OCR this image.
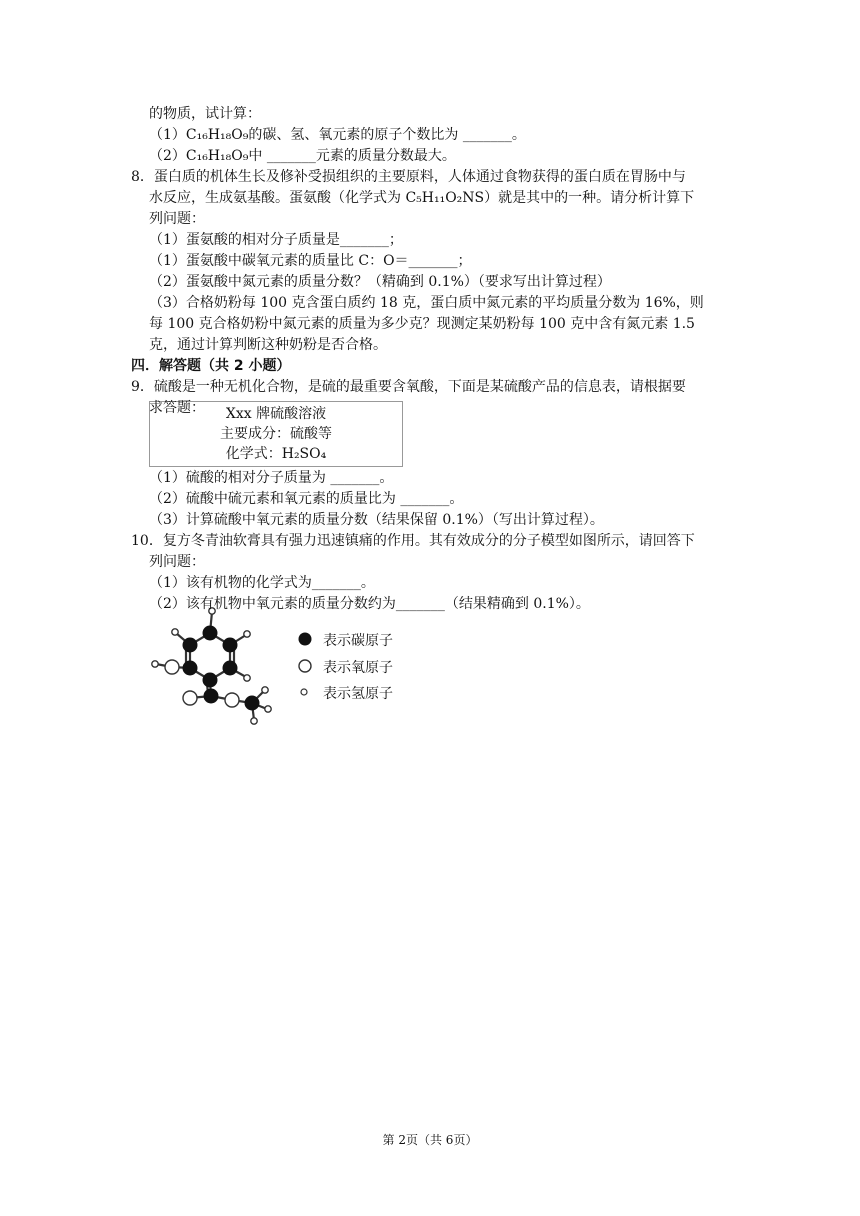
Xxx 牌硫酸溶液
主要成分：硫酸等
化学式：H₂SO₄
表示碳原子
表示氧原子
表示氢原子
第 2页（共 6页）
的物质，试计算：
（1）C₁₆H₁₈O₉的碳、氢、氧元素的原子个数比为 _______。
（2）C₁₆H₁₈O₉中 _______元素的质量分数最大。
8．蛋白质的机体生长及修补受损组织的主要原料，人体通过食物获得的蛋白质在胃肠中与
水反应，生成氨基酸。蛋氨酸（化学式为 C₅H₁₁O₂NS）就是其中的一种。请分析计算下
列问题：
（1）蛋氨酸的相对分子质量是_______；
（1）蛋氨酸中碳氧元素的质量比 C：O＝_______；
（2）蛋氨酸中氮元素的质量分数？（精确到 0.1%）（要求写出计算过程）
（3）合格奶粉每 100 克含蛋白质约 18 克，蛋白质中氮元素的平均质量分数为 16%，则
每 100 克合格奶粉中氮元素的质量为多少克？现测定某奶粉每 100 克中含有氮元素 1.5
克，通过计算判断这种奶粉是否合格。
四．解答题（共 2 小题）
9．硫酸是一种无机化合物，是硫的最重要含氧酸，下面是某硫酸产品的信息表，请根据要
求答题：
（1）硫酸的相对分子质量为 _______。
（2）硫酸中硫元素和氧元素的质量比为 _______。
（3）计算硫酸中氧元素的质量分数（结果保留 0.1%）（写出计算过程）。
10．复方冬青油软膏具有强力迅速镇痛的作用。其有效成分的分子模型如图所示，请回答下
列问题：
（1）该有机物的化学式为_______。
（2）该有机物中氧元素的质量分数约为_______（结果精确到 0.1%）。
